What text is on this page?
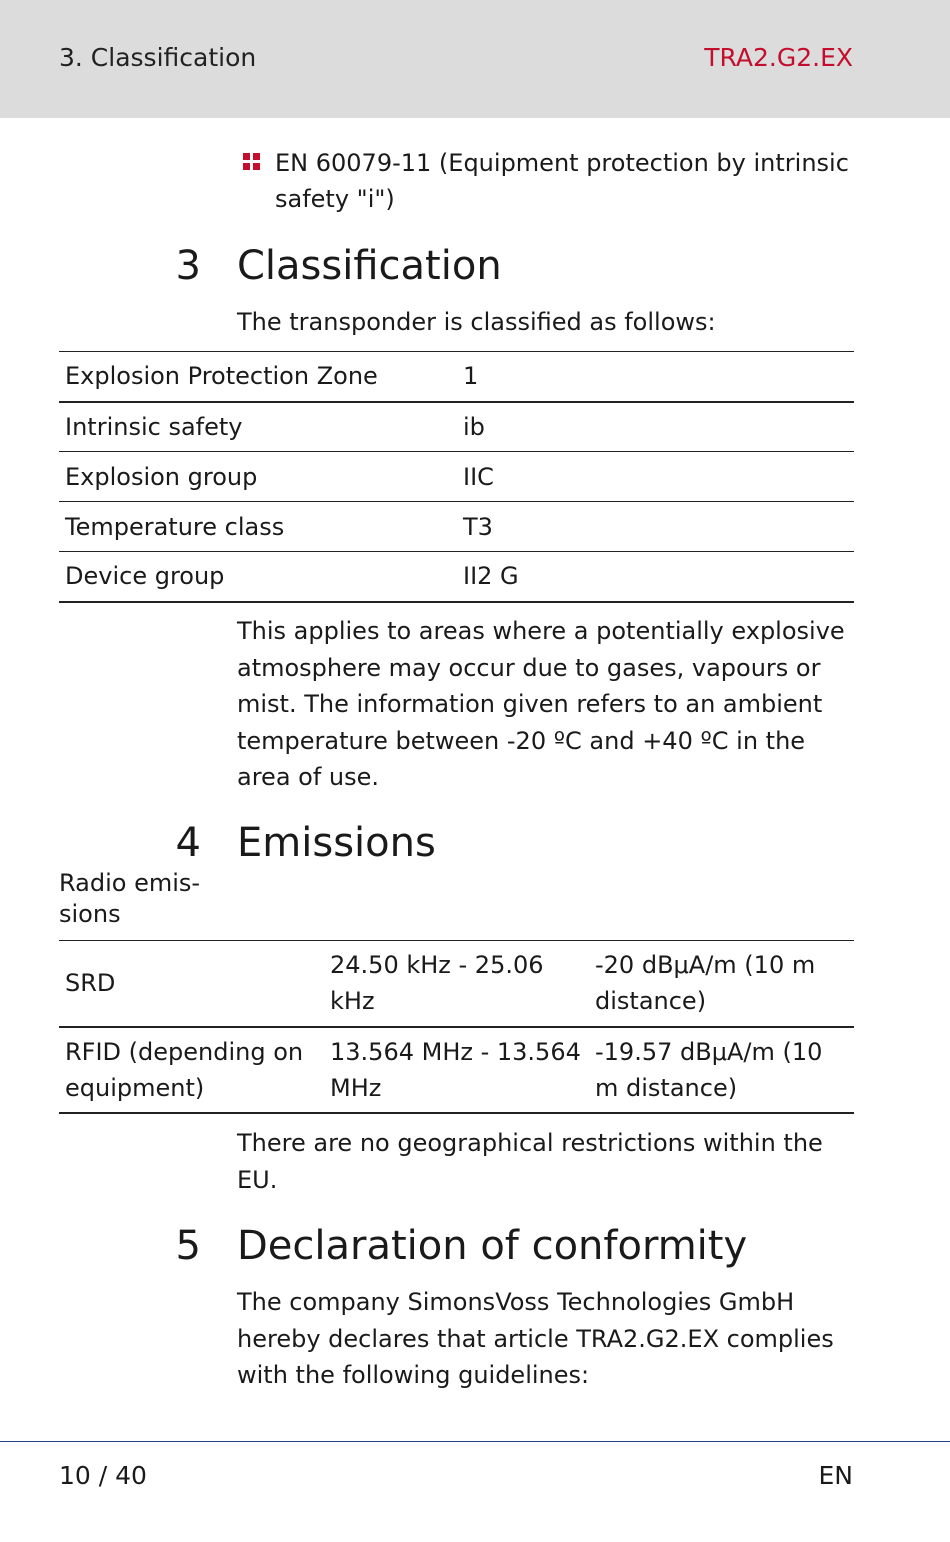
3. Classification	TRA2.G2.EX
EN 60079-11 (Equipment protection by intrinsic safety "i")
3 Classification
The transponder is classified as follows:
Explosion Protection Zone	1
Intrinsic safety	ib
Explosion group	IIC
Temperature class	T3
Device group	II2 G
This applies to areas where a potentially explosive atmosphere may occur due to gases, vapours or mist. The information given refers to an ambient temperature between -20 ºC and +40 ºC in the area of use.
4 Emissions
Radio emis-sions
SRD	24.50 kHz - 25.06 kHz	-20 dBμA/m (10 m distance)
RFID (depending on equipment)	13.564 MHz - 13.564 MHz	-19.57 dBμA/m (10 m distance)
There are no geographical restrictions within the EU.
5 Declaration of conformity
The company SimonsVoss Technologies GmbH hereby declares that article TRA2.G2.EX complies with the following guidelines:
10 / 40	EN
